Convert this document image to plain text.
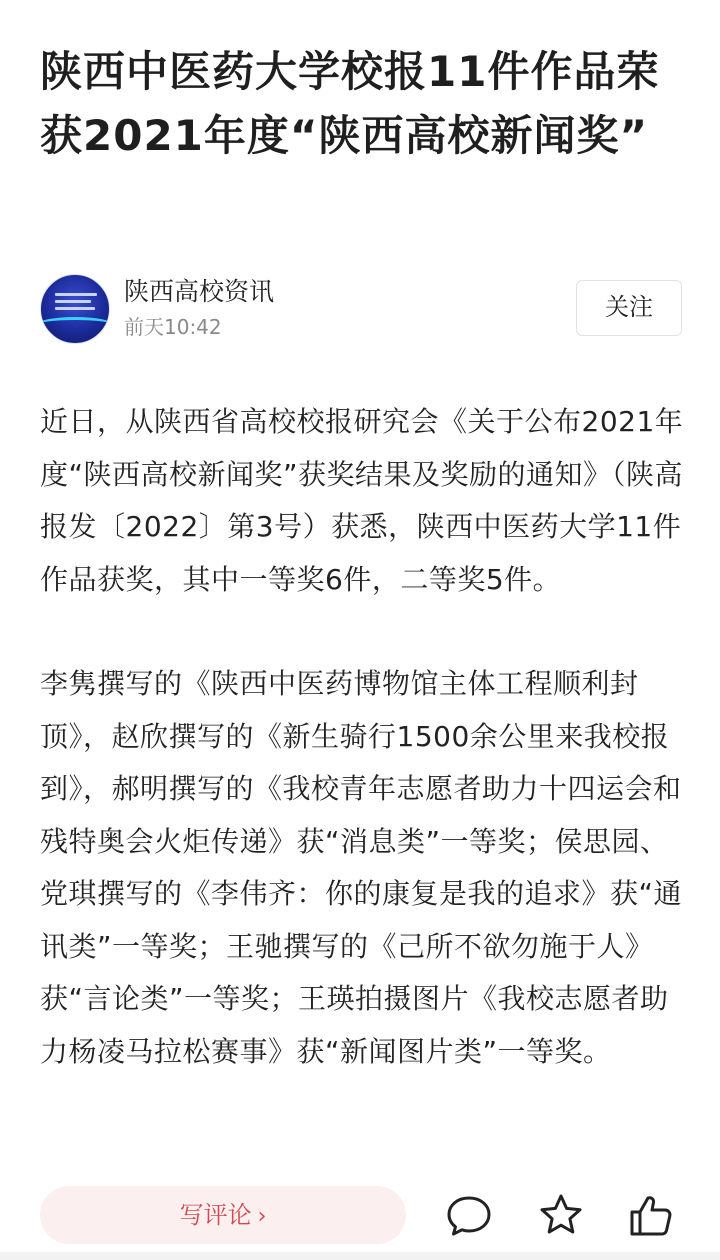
陕西中医药大学校报11件作品荣获2021年度“陕西高校新闻奖”
陕西高校资讯
前天10:42
关注

近日，从陕西省高校校报研究会《关于公布2021年度“陕西高校新闻奖”获奖结果及奖励的通知》（陕高报发〔2022〕第3号）获悉，陕西中医药大学11件作品获奖，其中一等奖6件，二等奖5件。

李隽撰写的《陕西中医药博物馆主体工程顺利封顶》，赵欣撰写的《新生骑行1500余公里来我校报到》，郝明撰写的《我校青年志愿者助力十四运会和残特奥会火炬传递》获“消息类”一等奖；侯思园、党琪撰写的《李伟齐：你的康复是我的追求》获“通讯类”一等奖；王驰撰写的《己所不欲勿施于人》获“言论类”一等奖；王瑛拍摄图片《我校志愿者助力杨凌马拉松赛事》获“新闻图片类”一等奖。

写评论 ›
